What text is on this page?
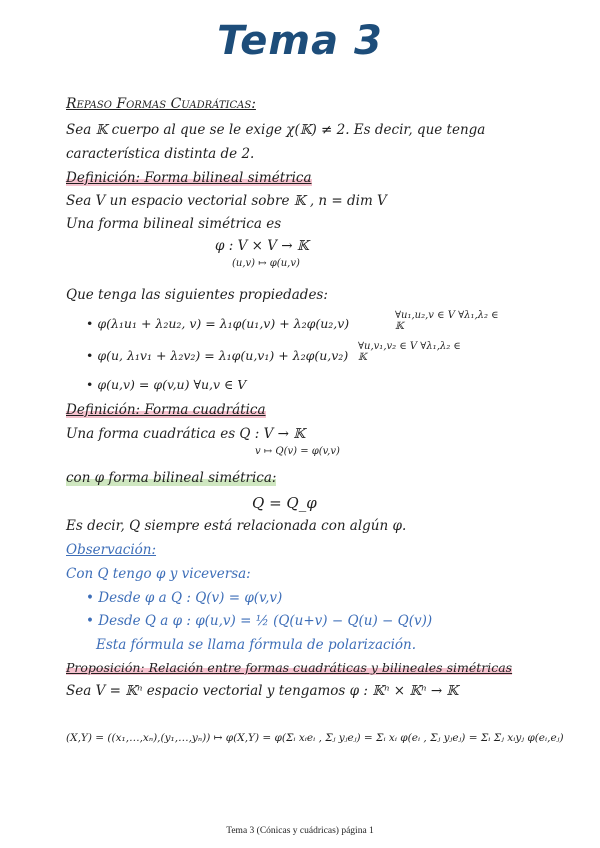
Tema 3
Repaso Formas Cuadráticas:
Sea 𝕂 cuerpo al que se le exige χ(𝕂) ≠ 2. Es decir, que tenga
característica distinta de 2.
Definición: Forma bilineal simétrica
Sea V un espacio vectorial sobre 𝕂 , n = dim V
Una forma bilineal simétrica es
φ : V × V → 𝕂
(u,v) ↦ φ(u,v)
Que tenga las siguientes propiedades:
• φ(λ₁u₁ + λ₂u₂, v) = λ₁φ(u₁,v) + λ₂φ(u₂,v)
∀u₁,u₂,v ∈ V ∀λ₁,λ₂ ∈ 𝕂
• φ(u, λ₁v₁ + λ₂v₂) = λ₁φ(u,v₁) + λ₂φ(u,v₂)
∀u,v₁,v₂ ∈ V ∀λ₁,λ₂ ∈ 𝕂
• φ(u,v) = φ(v,u) ∀u,v ∈ V
Definición: Forma cuadrática
Una forma cuadrática es Q : V → 𝕂
v ↦ Q(v) = φ(v,v)
con φ forma bilineal simétrica:
Q = Q_φ
Es decir, Q siempre está relacionada con algún φ.
Observación:
Con Q tengo φ y viceversa:
• Desde φ a Q : Q(v) = φ(v,v)
• Desde Q a φ : φ(u,v) = ½ (Q(u+v) − Q(u) − Q(v))
Esta fórmula se llama fórmula de polarización.
Proposición: Relación entre formas cuadráticas y bilineales simétricas
Sea V = 𝕂ⁿ espacio vectorial y tengamos φ : 𝕂ⁿ × 𝕂ⁿ → 𝕂
(X,Y) = ((x₁,…,xₙ),(y₁,…,yₙ)) ↦ φ(X,Y) = φ(Σᵢ xᵢeᵢ , Σⱼ yⱼeⱼ) = Σᵢ xᵢ φ(eᵢ , Σⱼ yⱼeⱼ) = Σᵢ Σⱼ xᵢyⱼ φ(eᵢ,eⱼ)
Tema 3 (Cónicas y cuádricas) página 1
